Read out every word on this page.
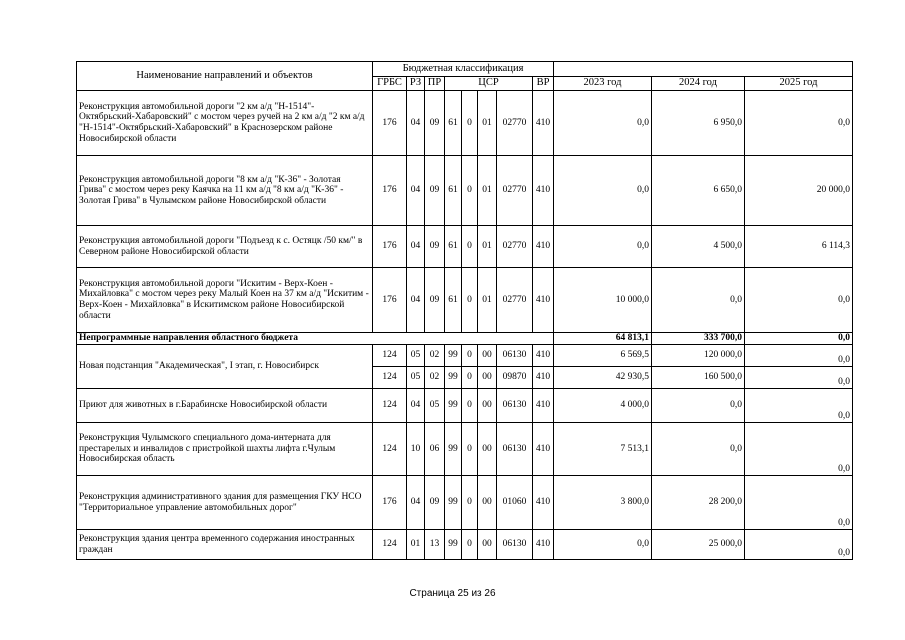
Наименование направлений и объектов	Бюджетная классификация										
	ГРБС	РЗ	ПР	ЦСР				ВР	2023 год	2024 год	2025 год
Реконструкция автомобильной дороги "2 км а/д "Н-1514"-Октябрьский-Хабаровский" с мостом через ручей на 2 км а/д "2 км а/д "Н-1514"-Октябрьский-Хабаровский" в Краснозерском районе Новосибирской области	176	04	09	61	0	01	02770	410	0,0	6 950,0	0,0
Реконструкция автомобильной дороги "8 км а/д "К-36" - Золотая Грива" с мостом через реку Каячка на 11 км а/д "8 км а/д "К-36" - Золотая Грива" в Чулымском районе Новосибирской области	176	04	09	61	0	01	02770	410	0,0	6 650,0	20 000,0
Реконструкция автомобильной дороги "Подъезд к с. Остяцк /50 км/" в Северном районе Новосибирской области	176	04	09	61	0	01	02770	410	0,0	4 500,0	6 114,3
Реконструкция автомобильной дороги "Искитим - Верх-Коен - Михайловка" с мостом через реку Малый Коен на 37 км а/д "Искитим - Верх-Коен - Михайловка" в Искитимском районе Новосибирской области	176	04	09	61	0	01	02770	410	10 000,0	0,0	0,0
Непрограммные направления областного бюджета									64 813,1	333 700,0	0,0
Новая подстанция "Академическая", I этап, г. Новосибирск	124	05	02	99	0	00	06130	410	6 569,5	120 000,0	0,0
	124	05	02	99	0	00	09870	410	42 930,5	160 500,0	0,0
Приют для животных в г.Барабинске Новосибирской области	124	04	05	99	0	00	06130	410	4 000,0	0,0	0,0
Реконструкция Чулымского специального дома-интерната для престарелых и инвалидов с пристройкой шахты лифта г.Чулым Новосибирская область	124	10	06	99	0	00	06130	410	7 513,1	0,0	0,0
Реконструкция административного здания для размещения ГКУ НСО "Территориальное управление автомобильных дорог"	176	04	09	99	0	00	01060	410	3 800,0	28 200,0	0,0
Реконструкция здания центра временного содержания иностранных граждан	124	01	13	99	0	00	06130	410	0,0	25 000,0	0,0
Страница 25 из 26
